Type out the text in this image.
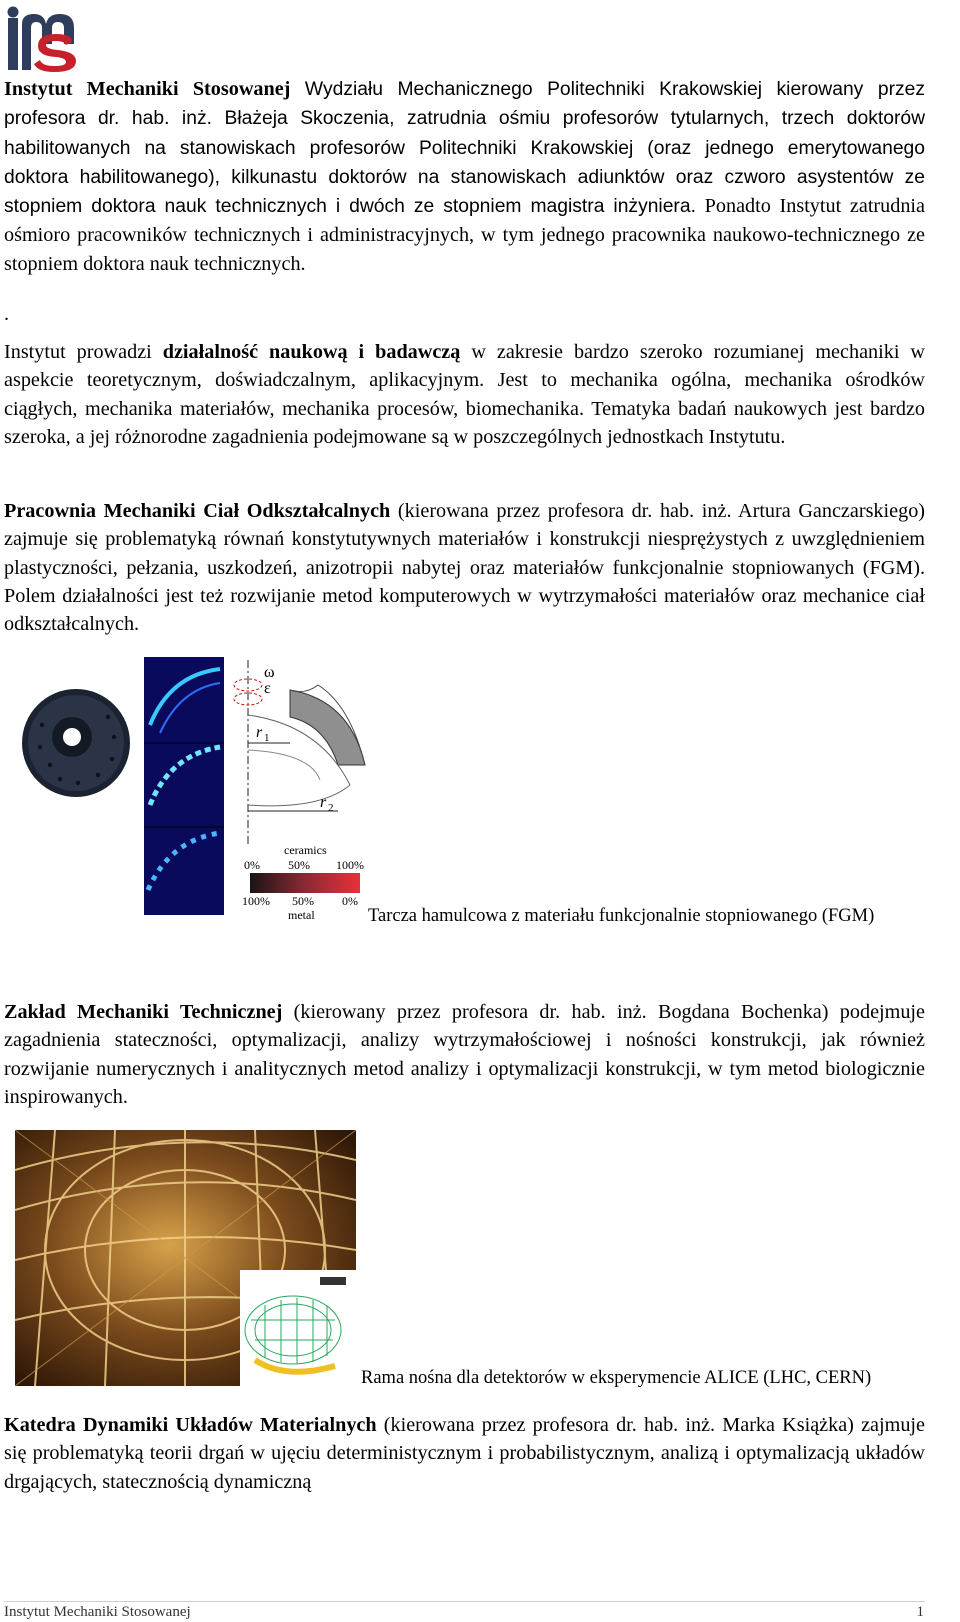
Instytut Mechaniki Stosowanej Wydziału Mechanicznego Politechniki Krakowskiej kierowany przez profesora dr. hab. inż. Błażeja Skoczenia, zatrudnia ośmiu profesorów tytularnych, trzech doktorów habilitowanych na stanowiskach profesorów Politechniki Krakowskiej (oraz jednego emerytowanego doktora habilitowanego), kilkunastu doktorów na stanowiskach adiunktów oraz czworo asystentów ze stopniem doktora nauk technicznych i dwóch ze stopniem magistra inżyniera. Ponadto Instytut zatrudnia ośmioro pracowników technicznych i administracyjnych, w tym jednego pracownika naukowo-technicznego ze stopniem doktora nauk technicznych.

.

Instytut prowadzi działalność naukową i badawczą w zakresie bardzo szeroko rozumianej mechaniki w aspekcie teoretycznym, doświadczalnym, aplikacyjnym. Jest to mechanika ogólna, mechanika ośrodków ciągłych, mechanika materiałów, mechanika procesów, biomechanika. Tematyka badań naukowych jest bardzo szeroka, a jej różnorodne zagadnienia podejmowane są w poszczególnych jednostkach Instytutu.

Pracownia Mechaniki Ciał Odkształcalnych (kierowana przez profesora dr. hab. inż. Artura Ganczarskiego) zajmuje się problematyką równań konstytutywnych materiałów i konstrukcji niesprężystych z uwzględnieniem plastyczności, pełzania, uszkodzeń, anizotropii nabytej oraz materiałów funkcjonalnie stopniowanych (FGM). Polem działalności jest też rozwijanie metod komputerowych w wytrzymałości materiałów oraz mechanice ciał odkształcalnych.

ω
ε
r 1
r 2
ceramics
0% 50% 100%
100% 50% 0%
metal	Tarcza hamulcowa z materiału funkcjonalnie stopniowanego (FGM)

Zakład Mechaniki Technicznej (kierowany przez profesora dr. hab. inż. Bogdana Bochenka) podejmuje zagadnienia stateczności, optymalizacji, analizy wytrzymałościowej i nośności konstrukcji, jak również rozwijanie numerycznych i analitycznych metod analizy i optymalizacji konstrukcji, w tym metod biologicznie inspirowanych.

Rama nośna dla detektorów w eksperymencie ALICE (LHC, CERN)

Katedra Dynamiki Układów Materialnych (kierowana przez profesora dr. hab. inż. Marka Książka) zajmuje się problematyką teorii drgań w ujęciu deterministycznym i probabilistycznym, analizą i optymalizacją układów drgających, statecznością dynamiczną

Instytut Mechaniki Stosowanej	1
